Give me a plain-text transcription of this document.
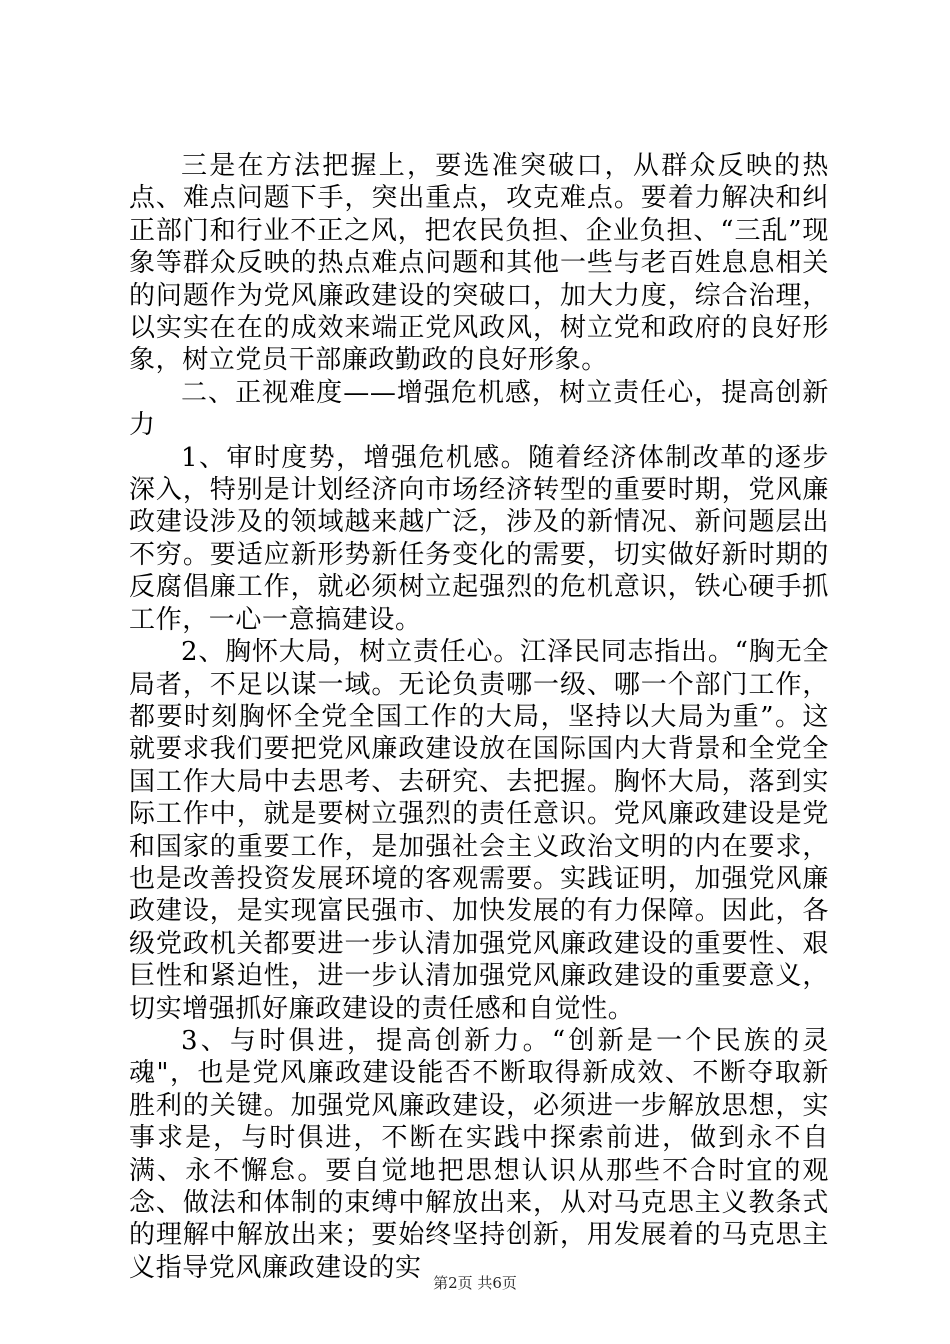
三是在方法把握上，要选准突破口，从群众反映的热点、难点问题下手，突出重点，攻克难点。要着力解决和纠正部门和行业不正之风，把农民负担、企业负担、“三乱”现象等群众反映的热点难点问题和其他一些与老百姓息息相关的问题作为党风廉政建设的突破口，加大力度，综合治理，以实实在在的成效来端正党风政风，树立党和政府的良好形象，树立党员干部廉政勤政的良好形象。

二、正视难度——增强危机感，树立责任心，提高创新力

1、审时度势，增强危机感。随着经济体制改革的逐步深入，特别是计划经济向市场经济转型的重要时期，党风廉政建设涉及的领域越来越广泛，涉及的新情况、新问题层出不穷。要适应新形势新任务变化的需要，切实做好新时期的反腐倡廉工作，就必须树立起强烈的危机意识，铁心硬手抓工作，一心一意搞建设。

2、胸怀大局，树立责任心。江泽民同志指出。“胸无全局者，不足以谋一域。无论负责哪一级、哪一个部门工作，都要时刻胸怀全党全国工作的大局，坚持以大局为重”。这就要求我们要把党风廉政建设放在国际国内大背景和全党全国工作大局中去思考、去研究、去把握。胸怀大局，落到实际工作中，就是要树立强烈的责任意识。党风廉政建设是党和国家的重要工作，是加强社会主义政治文明的内在要求，也是改善投资发展环境的客观需要。实践证明，加强党风廉政建设，是实现富民强市、加快发展的有力保障。因此，各级党政机关都要进一步认清加强党风廉政建设的重要性、艰巨性和紧迫性，进一步认清加强党风廉政建设的重要意义，切实增强抓好廉政建设的责任感和自觉性。

3、与时俱进，提高创新力。“创新是一个民族的灵魂"，也是党风廉政建设能否不断取得新成效、不断夺取新胜利的关键。加强党风廉政建设，必须进一步解放思想，实事求是，与时俱进，不断在实践中探索前进，做到永不自满、永不懈怠。要自觉地把思想认识从那些不合时宜的观念、做法和体制的束缚中解放出来，从对马克思主义教条式的理解中解放出来；要始终坚持创新，用发展着的马克思主义指导党风廉政建设的实

第2页 共6页
